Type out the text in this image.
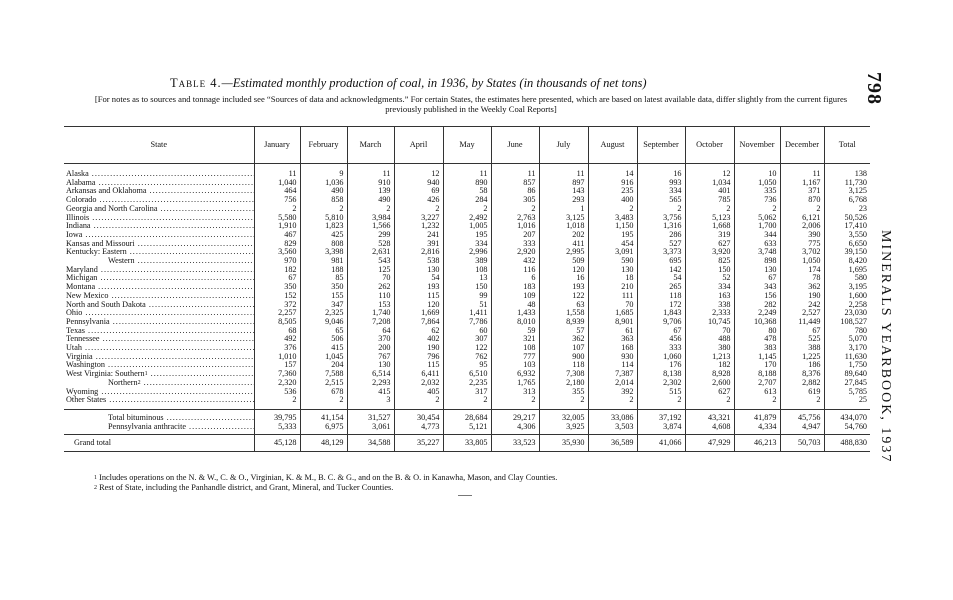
798
MINERALS YEARBOOK, 1937
Table 4.—Estimated monthly production of coal, in 1936, by States (in thousands of net tons)
[For notes as to sources and tonnage included see “Sources of data and acknowledgments.” For certain States, the estimates here presented, which are based on latest available data, differ slightly from the current figures previously published in the Weekly Coal Reports]
State	January	February	March	April	May	June	July	August	September	October	November	December	Total
Alaska .....	11	9	11	12	11	11	11	14	16	12	10	11	138
Alabama .....	1,040	1,036	910	940	890	857	897	916	993	1,034	1,050	1,167	11,730
Arkansas and Oklahoma .....	464	490	139	69	58	86	143	235	334	401	335	371	3,125
Colorado .....	756	858	490	426	284	305	293	400	565	785	736	870	6,768
Georgia and North Carolina .....	2	2	2	2	2	2	1	2	2	2	2	2	23
Illinois .....	5,580	5,810	3,984	3,227	2,492	2,763	3,125	3,483	3,756	5,123	5,062	6,121	50,526
Indiana .....	1,910	1,823	1,566	1,232	1,005	1,016	1,018	1,150	1,316	1,668	1,700	2,006	17,410
Iowa .....	467	425	299	241	195	207	202	195	286	319	344	390	3,550
Kansas and Missouri .....	829	808	528	391	334	333	411	454	527	627	633	775	6,650
Kentucky: Eastern .....	3,560	3,398	2,631	2,816	2,996	2,920	2,995	3,091	3,373	3,920	3,748	3,702	39,150
Western .....	970	981	543	538	389	432	509	590	695	825	898	1,050	8,420
Maryland .....	182	188	125	130	108	116	120	130	142	150	130	174	1,695
Michigan .....	67	85	70	54	13	6	16	18	54	52	67	78	580
Montana .....	350	350	262	193	150	183	193	210	265	334	343	362	3,195
New Mexico .....	152	155	110	115	99	109	122	111	118	163	156	190	1,600
North and South Dakota .....	372	347	153	120	51	48	63	70	172	338	282	242	2,258
Ohio .....	2,257	2,325	1,740	1,669	1,411	1,433	1,558	1,685	1,843	2,333	2,249	2,527	23,030
Pennsylvania .....	8,505	9,046	7,208	7,864	7,786	8,010	8,939	8,901	9,706	10,745	10,368	11,449	108,527
Texas .....	68	65	64	62	60	59	57	61	67	70	80	67	780
Tennessee .....	492	506	370	402	307	321	362	363	456	488	478	525	5,070
Utah .....	376	415	200	190	122	108	107	168	333	380	383	388	3,170
Virginia .....	1,010	1,045	767	796	762	777	900	930	1,060	1,213	1,145	1,225	11,630
Washington .....	157	204	130	115	95	103	118	114	176	182	170	186	1,750
West Virginia: Southern$^1$ .....	7,360	7,588	6,514	6,411	6,510	6,932	7,308	7,387	8,138	8,928	8,188	8,376	89,640
Northern$^2$ .....	2,320	2,515	2,293	2,032	2,235	1,765	2,180	2,014	2,302	2,600	2,707	2,882	27,845
Wyoming .....	536	678	415	405	317	313	355	392	515	627	613	619	5,785
Other States .....	2	2	3	2	2	2	2	2	2	2	2	2	25
Total bituminous .....	39,795	41,154	31,527	30,454	28,684	29,217	32,005	33,086	37,192	43,321	41,879	45,756	434,070
Pennsylvania anthracite .....	5,333	6,975	3,061	4,773	5,121	4,306	3,925	3,503	3,874	4,608	4,334	4,947	54,760
Grand total	45,128	48,129	34,588	35,227	33,805	33,523	35,930	36,589	41,066	47,929	46,213	50,703	488,830
$^1$ Includes operations on the N. & W., C. & O., Virginian, K. & M., B. C. & G., and on the B. & O. in Kanawha, Mason, and Clay Counties.
$^2$ Rest of State, including the Panhandle district, and Grant, Mineral, and Tucker Counties.
